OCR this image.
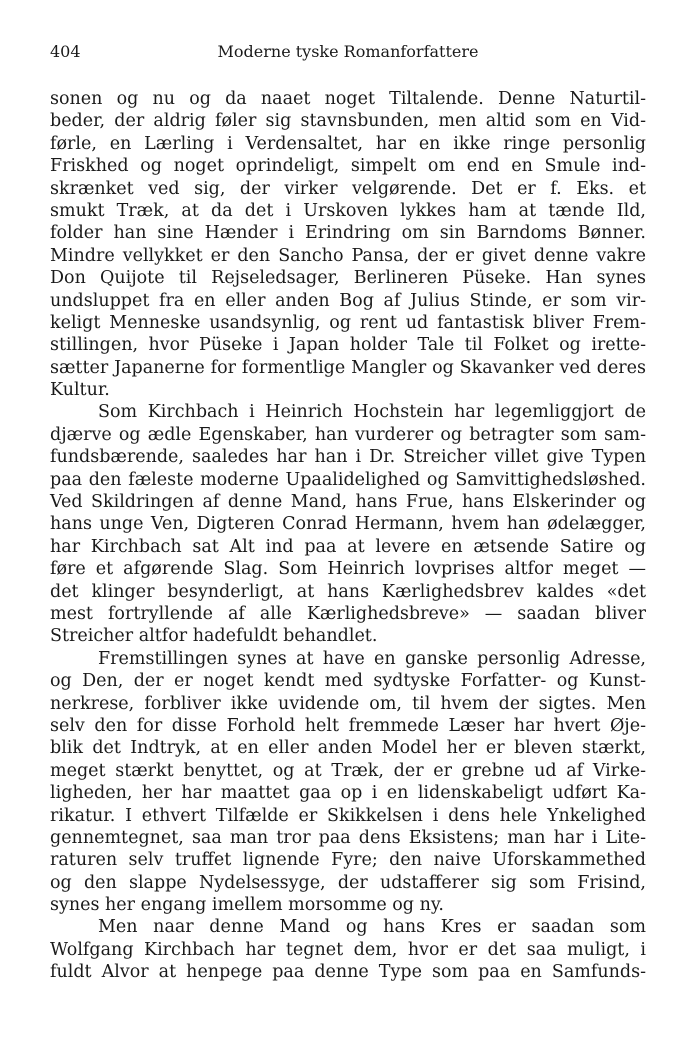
404	Moderne tyske Romanforfattere
sonen og nu og da naaet noget Tiltalende. Denne Naturtil-
beder, der aldrig føler sig stavnsbunden, men altid som en Vid-
førle, en Lærling i Verdensaltet, har en ikke ringe personlig
Friskhed og noget oprindeligt, simpelt om end en Smule ind-
skrænket ved sig, der virker velgørende. Det er f. Eks. et
smukt Træk, at da det i Urskoven lykkes ham at tænde Ild,
folder han sine Hænder i Erindring om sin Barndoms Bønner.
Mindre vellykket er den Sancho Pansa, der er givet denne vakre
Don Quijote til Rejseledsager, Berlineren Püseke. Han synes
undsluppet fra en eller anden Bog af Julius Stinde, er som vir-
keligt Menneske usandsynlig, og rent ud fantastisk bliver Frem-
stillingen, hvor Püseke i Japan holder Tale til Folket og irette-
sætter Japanerne for formentlige Mangler og Skavanker ved deres
Kultur.
Som Kirchbach i Heinrich Hochstein har legemliggjort de
djærve og ædle Egenskaber, han vurderer og betragter som sam-
fundsbærende, saaledes har han i Dr. Streicher villet give Typen
paa den fæleste moderne Upaalidelighed og Samvittighedsløshed.
Ved Skildringen af denne Mand, hans Frue, hans Elskerinder og
hans unge Ven, Digteren Conrad Hermann, hvem han ødelægger,
har Kirchbach sat Alt ind paa at levere en ætsende Satire og
føre et afgørende Slag. Som Heinrich lovprises altfor meget —
det klinger besynderligt, at hans Kærlighedsbrev kaldes «det
mest fortryllende af alle Kærlighedsbreve» — saadan bliver
Streicher altfor hadefuldt behandlet.
Fremstillingen synes at have en ganske personlig Adresse,
og Den, der er noget kendt med sydtyske Forfatter- og Kunst-
nerkrese, forbliver ikke uvidende om, til hvem der sigtes. Men
selv den for disse Forhold helt fremmede Læser har hvert Øje-
blik det Indtryk, at en eller anden Model her er bleven stærkt,
meget stærkt benyttet, og at Træk, der er grebne ud af Virke-
ligheden, her har maattet gaa op i en lidenskabeligt udført Ka-
rikatur. I ethvert Tilfælde er Skikkelsen i dens hele Ynkelighed
gennemtegnet, saa man tror paa dens Eksistens; man har i Lite-
raturen selv truffet lignende Fyre; den naive Uforskammethed
og den slappe Nydelsessyge, der udstafferer sig som Frisind,
synes her engang imellem morsomme og ny.
Men naar denne Mand og hans Kres er saadan som
Wolfgang Kirchbach har tegnet dem, hvor er det saa muligt, i
fuldt Alvor at henpege paa denne Type som paa en Samfunds-
